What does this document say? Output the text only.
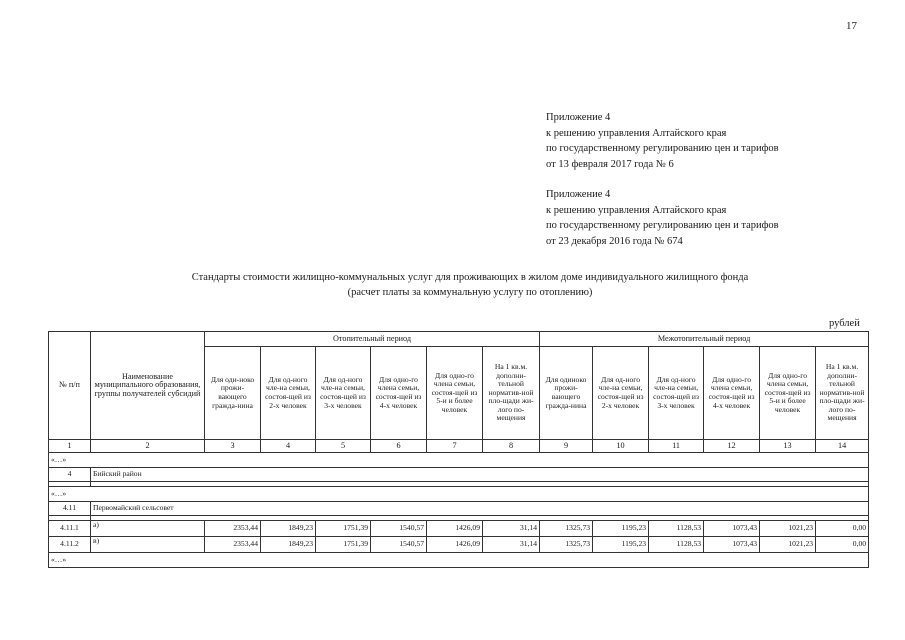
17
Приложение 4
к решению управления Алтайского края
по государственному регулированию цен и тарифов
от 13 февраля 2017 года № 6
Приложение 4
к решению управления Алтайского края
по государственному регулированию цен и тарифов
от 23 декабря 2016 года № 674
Стандарты стоимости жилищно-коммунальных услуг для проживающих в жилом доме индивидуального жилищного фонда
(расчет платы за коммунальную услугу по отоплению)
рублей
№ п/п	Наименование муниципального образования, группы получателей субсидий	Отопительный период						Межотопительный период					
		Для оди-ноко прожи-вающего гражда-нина	Для од-ного чле-на семьи, состоя-щей из 2-х человек	Для од-ного чле-на семьи, состоя-щей из 3-х человек	Для одно-го члена семьи, состоя-щей из 4-х человек	Для одно-го члена семьи, состоя-щей из 5-и и более человек	На 1 кв.м. дополни-тельной норматив-ной пло-щади жи-лого по-мещения	Для одиноко прожи-вающего гражда-нина	Для од-ного чле-на семьи, состоя-щей из 2-х человек	Для од-ного чле-на семьи, состоя-щей из 3-х человек	Для одно-го члена семьи, состоя-щей из 4-х человек	Для одно-го члена семьи, состоя-щей из 5-и и более человек	На 1 кв.м. дополни-тельной норматив-ной пло-щади жи-лого по-мещения
1	2	3	4	5	6	7	8	9	10	11	12	13	14
«…»													
4	Бийский район												

«…»													
4.11	Первомайский сельсовет												

4.11.1	а)	2353,44	1849,23	1751,39	1540,57	1426,09	31,14	1325,73	1195,23	1128,53	1073,43	1021,23	0,00
4.11.2	в)	2353,44	1849,23	1751,39	1540,57	1426,09	31,14	1325,73	1195,23	1128,53	1073,43	1021,23	0,00
«…»													
